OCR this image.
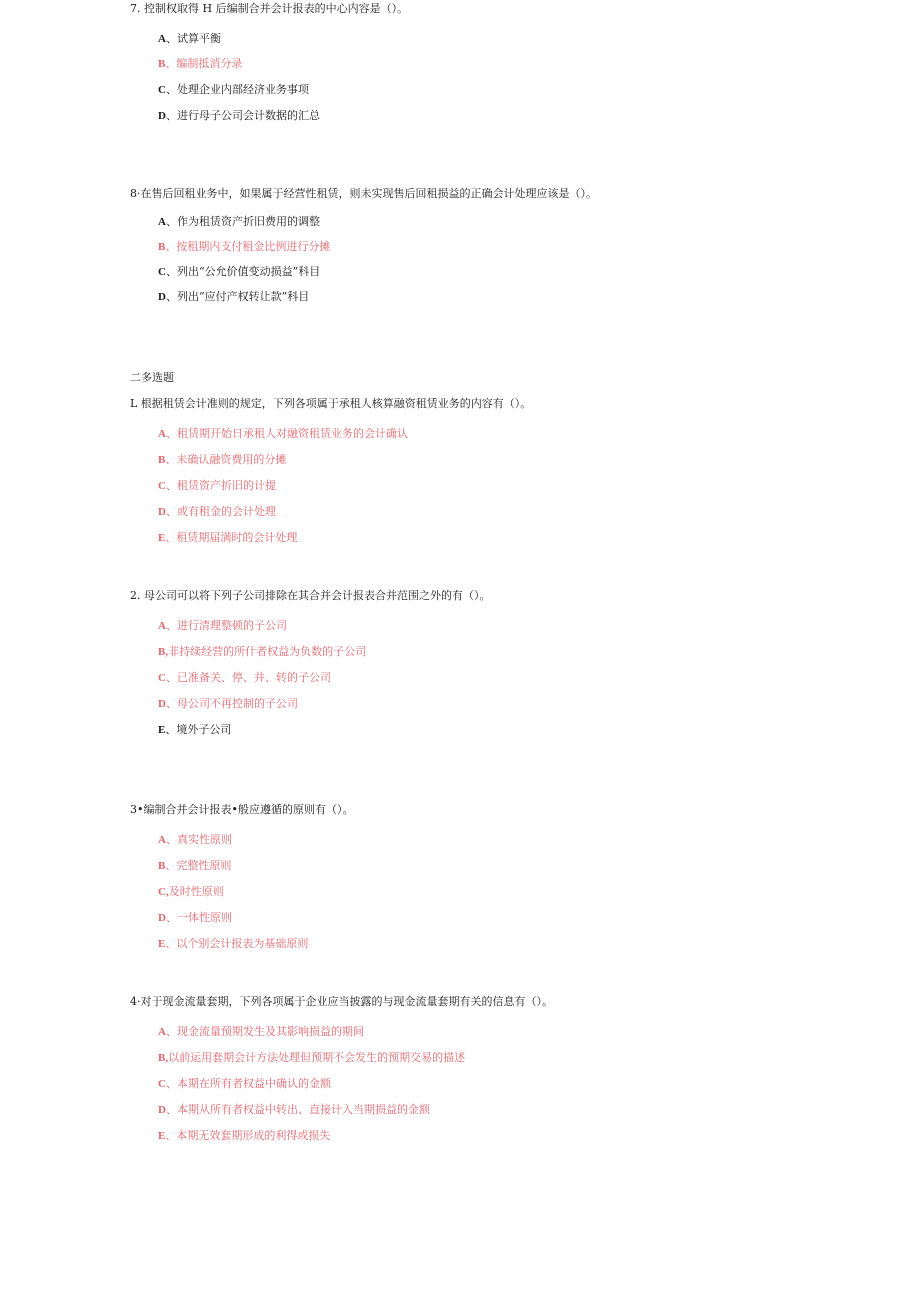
7. 控制权取得 H 后编制合并会计报表的中心内容是（）。
A、试算平衡
B、编制抵消分录
C、处理企业内部经济业务事项
D、进行母子公司会计数据的汇总
8·在售后回租业务中，如果属于经营性租赁，则未实现售后回租损益的正确会计处理应该是（）。
A、作为租赁资产折旧费用的调整
B、按租期内支付租金比例进行分摊
C、列出“公允价值变动损益”科目
D、列出“应付产权转让款”科目
二多选题
L 根据租赁会计准则的规定，下列各项属于承租人核算融资租赁业务的内容有（）。
A、租赁期开始日承租人对融资租赁业务的会计确认
B、未确认融资费用的分摊
C、租赁资产折旧的计提
D、或有租金的会计处理
E、租赁期届满时的会计处理
2. 母公司可以将下列子公司排除在其合并会计报表合并范围之外的有（）。
A、进行清理整顿的子公司
B,非持续经营的所什者权益为负数的子公司
C、已准备关、停、并、转的子公司
D、母公司不再控制的子公司
E、境外子公司
3•编制合并会计报表•般应遵循的原则有（）。
A、真实性原则
B、完整性原则
C,及时性原则
D、一体性原则
E、以个别会计报表为基础原则
4·对于现金流量套期，下列各项属于企业应当披露的与现金流量套期有关的信息有（）。
A、现金流量预期发生及其影响损益的期间
B,以前运用套期会计方法处理但预期不会发生的预期交易的描述
C、本期在所有者权益中确认的金额
D、本期从所有者权益中转出、直接计入当期损益的金额
E、本期无效套期形成的利得或损失
